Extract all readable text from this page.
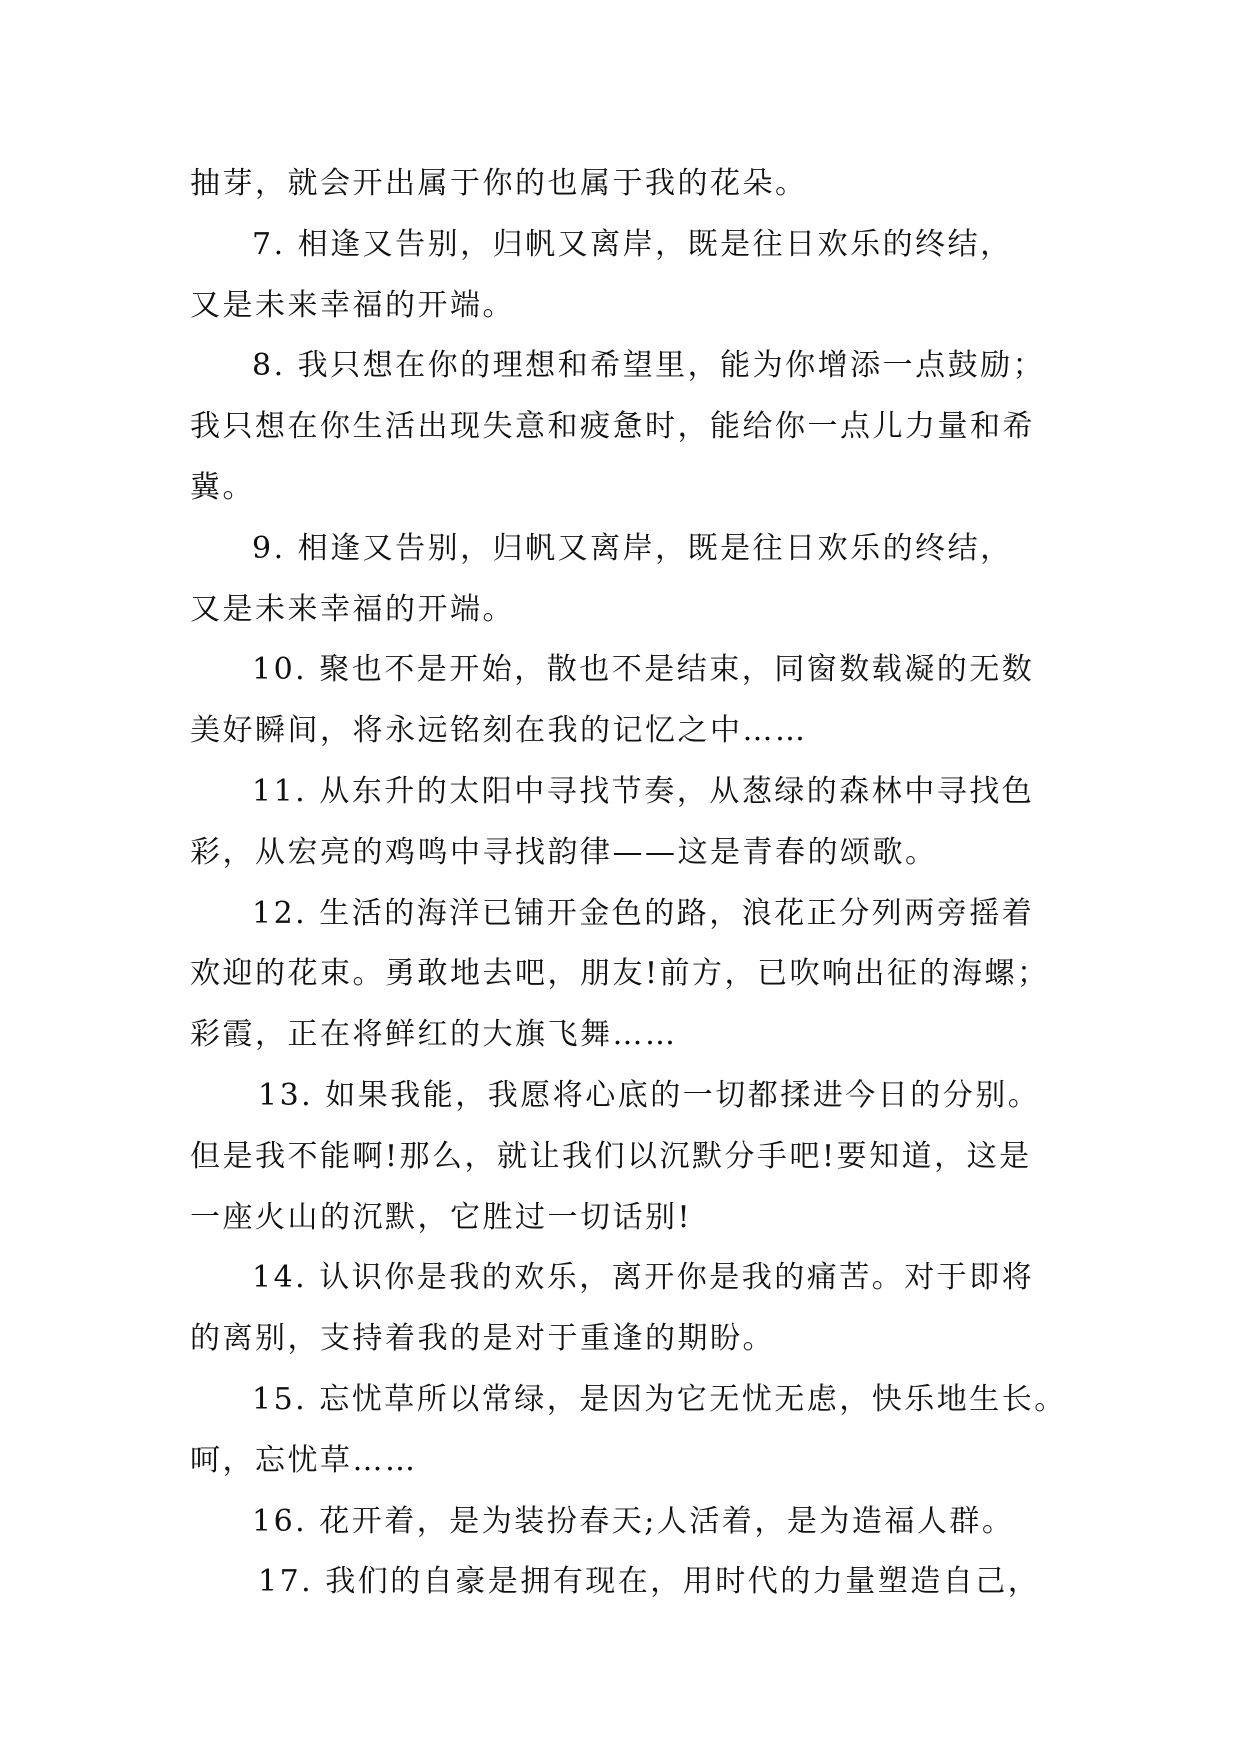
抽芽，就会开出属于你的也属于我的花朵。
7. 相逢又告别，归帆又离岸，既是往日欢乐的终结，
又是未来幸福的开端。
8. 我只想在你的理想和希望里，能为你增添一点鼓励；
我只想在你生活出现失意和疲惫时，能给你一点儿力量和希
冀。
9. 相逢又告别，归帆又离岸，既是往日欢乐的终结，
又是未来幸福的开端。
10. 聚也不是开始，散也不是结束，同窗数载凝的无数
美好瞬间，将永远铭刻在我的记忆之中……
11. 从东升的太阳中寻找节奏，从葱绿的森林中寻找色
彩，从宏亮的鸡鸣中寻找韵律——这是青春的颂歌。
12. 生活的海洋已铺开金色的路，浪花正分列两旁摇着
欢迎的花束。勇敢地去吧，朋友!前方，已吹响出征的海螺；
彩霞，正在将鲜红的大旗飞舞……
13. 如果我能，我愿将心底的一切都揉进今日的分别。
但是我不能啊!那么，就让我们以沉默分手吧!要知道，这是
一座火山的沉默，它胜过一切话别!
14. 认识你是我的欢乐，离开你是我的痛苦。对于即将
的离别，支持着我的是对于重逢的期盼。
15. 忘忧草所以常绿，是因为它无忧无虑，快乐地生长。
呵，忘忧草……
16. 花开着，是为装扮春天;人活着，是为造福人群。
17. 我们的自豪是拥有现在，用时代的力量塑造自己，
